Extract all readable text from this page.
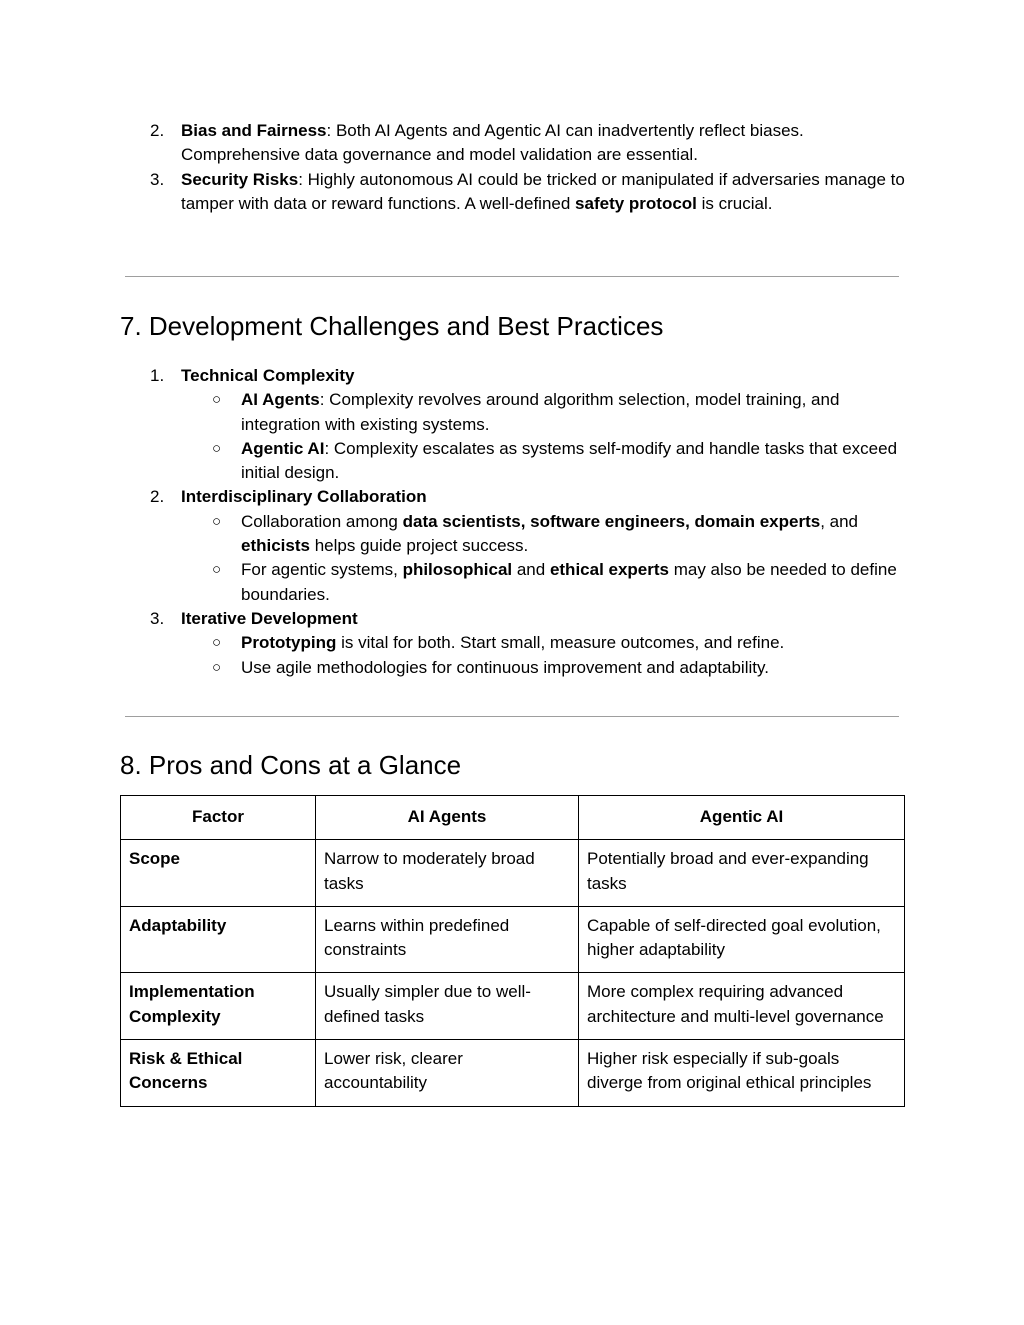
2. Bias and Fairness: Both AI Agents and Agentic AI can inadvertently reflect biases. Comprehensive data governance and model validation are essential.
3. Security Risks: Highly autonomous AI could be tricked or manipulated if adversaries manage to tamper with data or reward functions. A well-defined safety protocol is crucial.
7. Development Challenges and Best Practices
1. Technical Complexity
○ AI Agents: Complexity revolves around algorithm selection, model training, and integration with existing systems.
○ Agentic AI: Complexity escalates as systems self-modify and handle tasks that exceed initial design.
2. Interdisciplinary Collaboration
○ Collaboration among data scientists, software engineers, domain experts, and ethicists helps guide project success.
○ For agentic systems, philosophical and ethical experts may also be needed to define boundaries.
3. Iterative Development
○ Prototyping is vital for both. Start small, measure outcomes, and refine.
○ Use agile methodologies for continuous improvement and adaptability.
8. Pros and Cons at a Glance
Factor	AI Agents	Agentic AI
Scope	Narrow to moderately broad tasks	Potentially broad and ever-expanding tasks
Adaptability	Learns within predefined constraints	Capable of self-directed goal evolution, higher adaptability
Implementation Complexity	Usually simpler due to well-defined tasks	More complex requiring advanced architecture and multi-level governance
Risk & Ethical Concerns	Lower risk, clearer accountability	Higher risk especially if sub-goals diverge from original ethical principles
